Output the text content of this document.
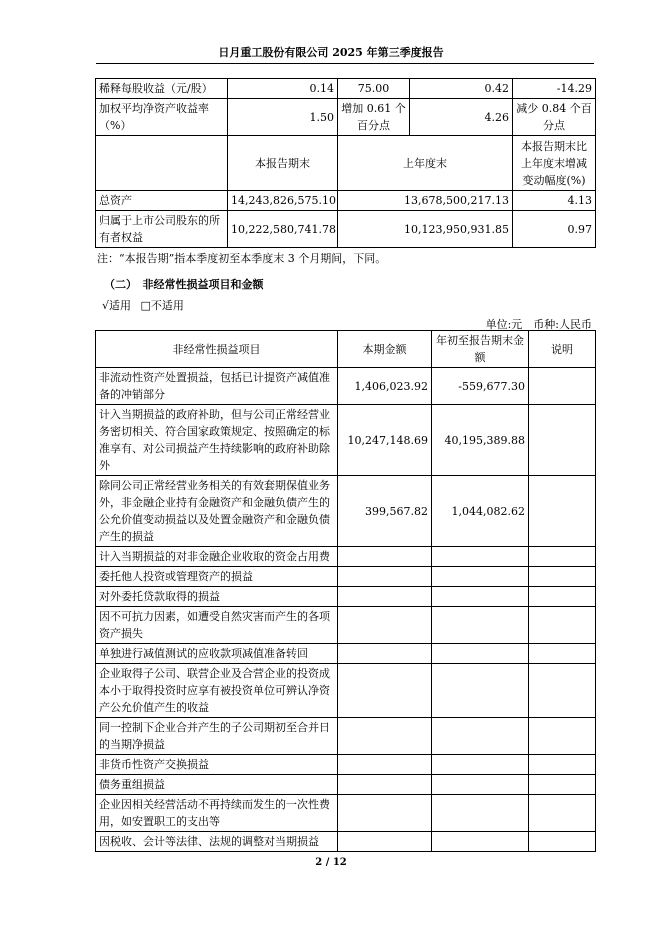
日月重工股份有限公司 2025 年第三季度报告
稀释每股收益（元/股）	0.14	75.00	0.42	-14.29
加权平均净资产收益率（%）	1.50	增加 0.61 个百分点	4.26	减少 0.84 个百分点
	本报告期末	上年度末		本报告期末比上年度末增减变动幅度(%)
总资产	14,243,826,575.10	13,678,500,217.13		4.13
归属于上市公司股东的所有者权益	10,222,580,741.78	10,123,950,931.85		0.97
注：“本报告期”指本季度初至本季度末 3 个月期间，下同。
（二）　非经常性损益项目和金额
√适用 □不适用
单位:元　币种:人民币
非经常性损益项目	本期金额	年初至报告期末金额	说明
非流动性资产处置损益，包括已计提资产减值准备的冲销部分	1,406,023.92	-559,677.30	
计入当期损益的政府补助，但与公司正常经营业务密切相关、符合国家政策规定、按照确定的标准享有、对公司损益产生持续影响的政府补助除外	10,247,148.69	40,195,389.88	
除同公司正常经营业务相关的有效套期保值业务外，非金融企业持有金融资产和金融负债产生的公允价值变动损益以及处置金融资产和金融负债产生的损益	399,567.82	1,044,082.62	
计入当期损益的对非金融企业收取的资金占用费			
委托他人投资或管理资产的损益			
对外委托贷款取得的损益			
因不可抗力因素，如遭受自然灾害而产生的各项资产损失			
单独进行减值测试的应收款项减值准备转回			
企业取得子公司、联营企业及合营企业的投资成本小于取得投资时应享有被投资单位可辨认净资产公允价值产生的收益			
同一控制下企业合并产生的子公司期初至合并日的当期净损益			
非货币性资产交换损益			
债务重组损益			
企业因相关经营活动不再持续而发生的一次性费用，如安置职工的支出等			
因税收、会计等法律、法规的调整对当期损益			
2 / 12
